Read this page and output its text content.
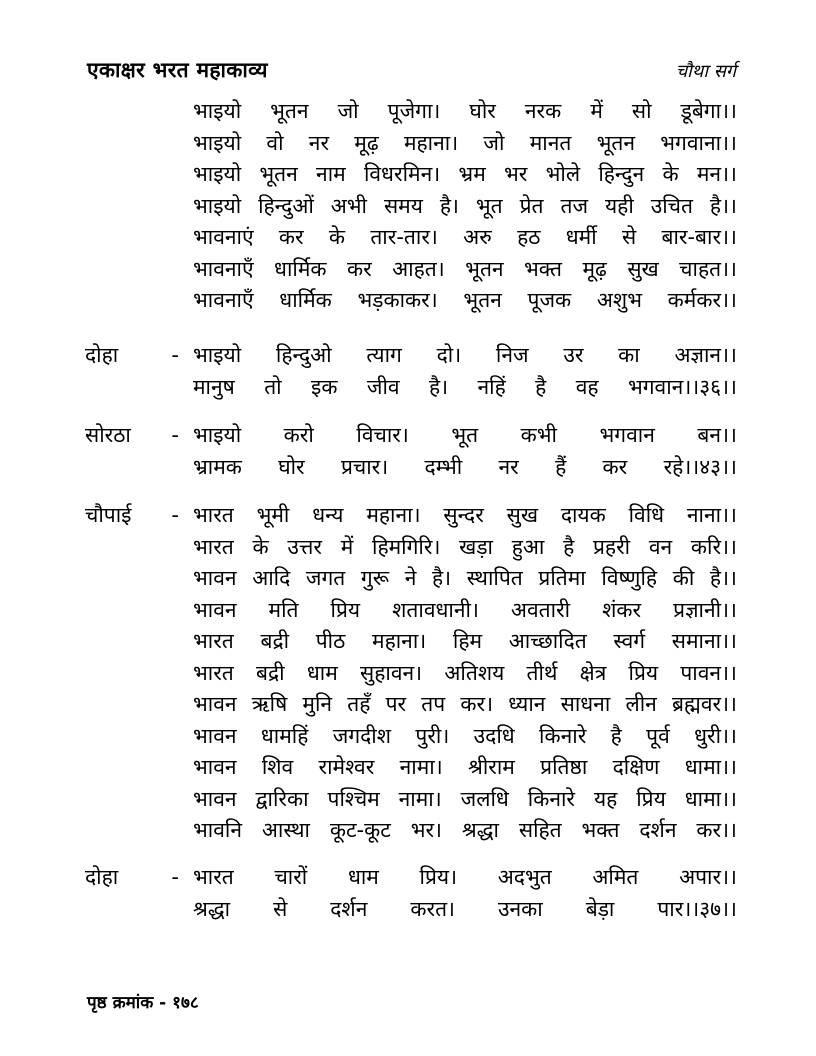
एकाक्षर भरत महाकाव्य	चौथा सर्ग
भाइयो भूतन जो पूजेगा। घोर नरक में सो डूबेगा।।
भाइयो वो नर मूढ़ महाना। जो मानत भूतन भगवाना।।
भाइयो भूतन नाम विधरमिन। भ्रम भर भोले हिन्दुन के मन।।
भाइयो हिन्दुओं अभी समय है। भूत प्रेत तज यही उचित है।।
भावनाएं कर के तार-तार। अरु हठ धर्मी से बार-बार।।
भावनाएँ धार्मिक कर आहत। भूतन भक्त मूढ़ सुख चाहत।।
भावनाएँ धार्मिक भड़काकर। भूतन पूजक अशुभ कर्मकर।।
दोहा	- भाइयो हिन्दुओ त्याग दो। निज उर का अज्ञान।।
मानुष तो इक जीव है। नहिं है वह भगवान।।३६।।
सोरठा - भाइयो करो विचार। भूत कभी भगवान बन।।
भ्रामक घोर प्रचार। दम्भी नर हैं कर रहे।।४३।।
चौपाई - भारत भूमी धन्य महाना। सुन्दर सुख दायक विधि नाना।।
भारत के उत्तर में हिमगिरि। खड़ा हुआ है प्रहरी वन करि।।
भावन आदि जगत गुरू ने है। स्थापित प्रतिमा विष्णुहि की है।।
भावन मति प्रिय शतावधानी। अवतारी शंकर प्रज्ञानी।।
भारत बद्री पीठ महाना। हिम आच्छादित स्वर्ग समाना।।
भारत बद्री धाम सुहावन। अतिशय तीर्थ क्षेत्र प्रिय पावन।।
भावन ऋषि मुनि तहँ पर तप कर। ध्यान साधना लीन ब्रह्मवर।।
भावन धामहिं जगदीश पुरी। उदधि किनारे है पूर्व धुरी।।
भावन शिव रामेश्वर नामा। श्रीराम प्रतिष्ठा दक्षिण धामा।।
भावन द्वारिका पश्चिम नामा। जलधि किनारे यह प्रिय धामा।।
भावनि आस्था कूट-कूट भर। श्रद्धा सहित भक्त दर्शन कर।।
दोहा	- भारत चारों धाम प्रिय। अदभुत अमित अपार।।
श्रद्धा से दर्शन करत। उनका बेड़ा पार।।३७।।
पृष्ठ क्रमांक - १७८
